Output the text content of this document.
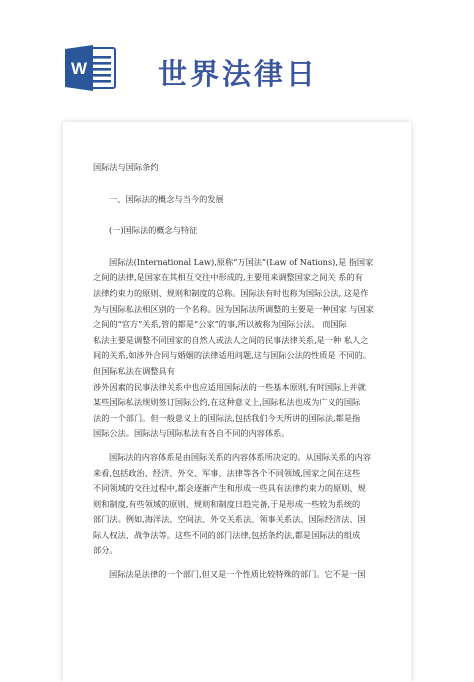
W 世界法律日
国际法与国际条约
一、国际法的概念与当今的发展
(一)国际法的概念与特征
国际法(International Law),原称“万国法”(Law of Nations),是 指国家
之间的法律,是国家在其相互交往中形成的,主要用来调整国家之间关 系的有
法律约束力的原则、规则和制度的总称。国际法有时也称为国际公法, 这是作
为与国际私法相区别的一个名称。因为国际法所调整的主要是一种国家 与国家
之间的“官方”关系,管的都是“公家”的事,所以被称为国际公法。 而国际
私法主要是调整不同国家的自然人或法人之间的民事法律关系,是一种 私人之
间的关系,如涉外合同与婚姻的法律适用问题,这与国际公法的性质是 不同的。
但国际私法在调整具有
涉外因素的民事法律关系中也应适用国际法的一些基本原则,有时国际上并就
某些国际私法规则签订国际公约,在这种意义上,国际私法也成为广义的国际
法的一个部门。但一般意义上的国际法,包括我们今天所讲的国际法,都是指
国际公法。国际法与国际私法有各自不同的内容体系。
国际法的内容体系是由国际关系的内容体系所决定的。从国际关系的内容
来看,包括政治、经济、外交、军事、法律等各个不同领域,国家之间在这些
不同领域的交往过程中,都会逐渐产生和形成一些具有法律约束力的原则、规
则和制度,有些领域的原则、规则和制度日趋完备,于是形成一些较为系统的
部门法。例如,海洋法、空间法、外交关系法、领事关系法、国际经济法、国
际人权法、战争法等。这些不同的部门法律,包括条约法,都是国际法的组成
部分。
国际法是法律的一个部门,但又是一个性质比较特殊的部门。它不是一国
